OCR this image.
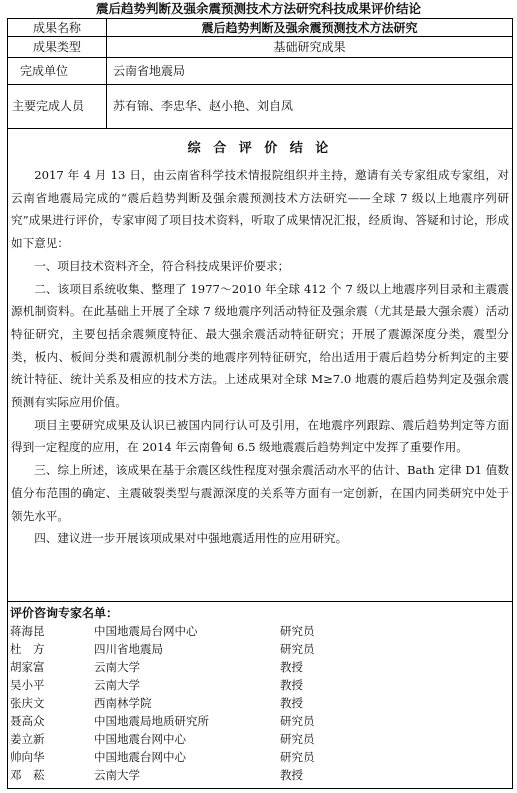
震后趋势判断及强余震预测技术方法研究科技成果评价结论
成果名称	震后趋势判断及强余震预测技术方法研究
成果类型	基础研究成果
完成单位	云南省地震局
主要完成人员 苏有锦、李忠华、赵小艳、刘自凤
综 合 评 价 结 论

2017 年 4 月 13 日，由云南省科学技术情报院组织并主持，邀请有关专家组成专家组，对云南省地震局完成的“震后趋势判断及强余震预测技术方法研究——全球 7 级以上地震序列研究”成果进行评价，专家审阅了项目技术资料，听取了成果情况汇报，经质询、答疑和讨论，形成如下意见：

一、项目技术资料齐全，符合科技成果评价要求；

二、该项目系统收集、整理了 1977～2010 年全球 412 个 7 级以上地震序列目录和主震震源机制资料。在此基础上开展了全球 7 级地震序列活动特征及强余震（尤其是最大强余震）活动特征研究，主要包括余震频度特征、最大强余震活动特征研究；开展了震源深度分类，震型分类，板内、板间分类和震源机制分类的地震序列特征研究，给出适用于震后趋势分析判定的主要统计特征、统计关系及相应的技术方法。上述成果对全球 M≥7.0 地震的震后趋势判定及强余震预测有实际应用价值。

项目主要研究成果及认识已被国内同行认可及引用，在地震序列跟踪、震后趋势判定等方面得到一定程度的应用，在 2014 年云南鲁甸 6.5 级地震震后趋势判定中发挥了重要作用。

三、综上所述，该成果在基于余震区线性程度对强余震活动水平的估计、Bath 定律 D1 值数值分布范围的确定、主震破裂类型与震源深度的关系等方面有一定创新，在国内同类研究中处于领先水平。

四、建议进一步开展该项成果对中强地震适用性的应用研究。

评价咨询专家名单：
蒋海昆	中国地震局台网中心	研究员
杜　方	四川省地震局	研究员
胡家富	云南大学	教授
吴小平	云南大学	教授
张庆文	西南林学院	教授
聂高众	中国地震局地质研究所	研究员
姜立新	中国地震台网中心	研究员
帅向华	中国地震台网中心	研究员
邓　菘	云南大学	教授
